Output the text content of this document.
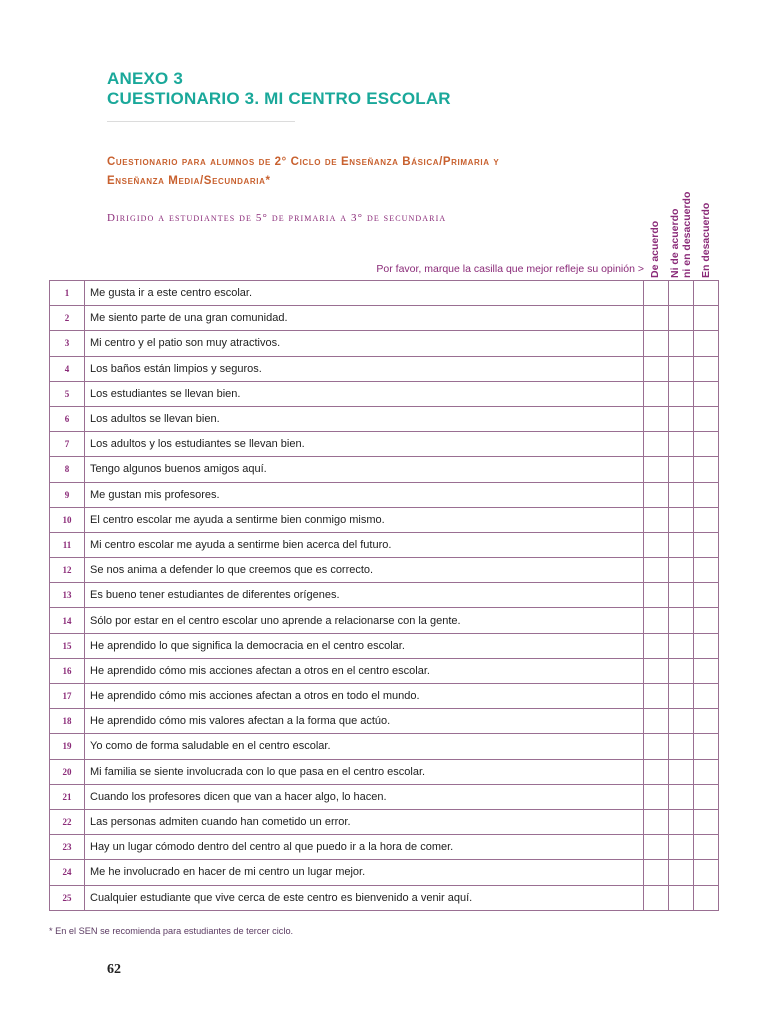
ANEXO 3
CUESTIONARIO 3. MI CENTRO ESCOLAR
Cuestionario para alumnos de 2° Ciclo de Enseñanza Básica/Primaria y
Enseñanza Media/Secundaria*
Dirigido a estudiantes de 5° de primaria a 3° de secundaria
Por favor, marque la casilla que mejor refleje su opinión > De acuerdo Ni de acuerdo ni en desacuerdo En desacuerdo
1	Me gusta ir a este centro escolar.			
2	Me siento parte de una gran comunidad.			
3	Mi centro y el patio son muy atractivos.			
4	Los baños están limpios y seguros.			
5	Los estudiantes se llevan bien.			
6	Los adultos se llevan bien.			
7	Los adultos y los estudiantes se llevan bien.			
8	Tengo algunos buenos amigos aquí.			
9	Me gustan mis profesores.			
10	El centro escolar me ayuda a sentirme bien conmigo mismo.			
11	Mi centro escolar me ayuda a sentirme bien acerca del futuro.			
12	Se nos anima a defender lo que creemos que es correcto.			
13	Es bueno tener estudiantes de diferentes orígenes.			
14	Sólo por estar en el centro escolar uno aprende a relacionarse con la gente.			
15	He aprendido lo que significa la democracia en el centro escolar.			
16	He aprendido cómo mis acciones afectan a otros en el centro escolar.			
17	He aprendido cómo mis acciones afectan a otros en todo el mundo.			
18	He aprendido cómo mis valores afectan a la forma que actúo.			
19	Yo como de forma saludable en el centro escolar.			
20	Mi familia se siente involucrada con lo que pasa en el centro escolar.			
21	Cuando los profesores dicen que van a hacer algo, lo hacen.			
22	Las personas admiten cuando han cometido un error.			
23	Hay un lugar cómodo dentro del centro al que puedo ir a la hora de comer.			
24	Me he involucrado en hacer de mi centro un lugar mejor.			
25	Cualquier estudiante que vive cerca de este centro es bienvenido a venir aquí.			
* En el SEN se recomienda para estudiantes de tercer ciclo.
62
